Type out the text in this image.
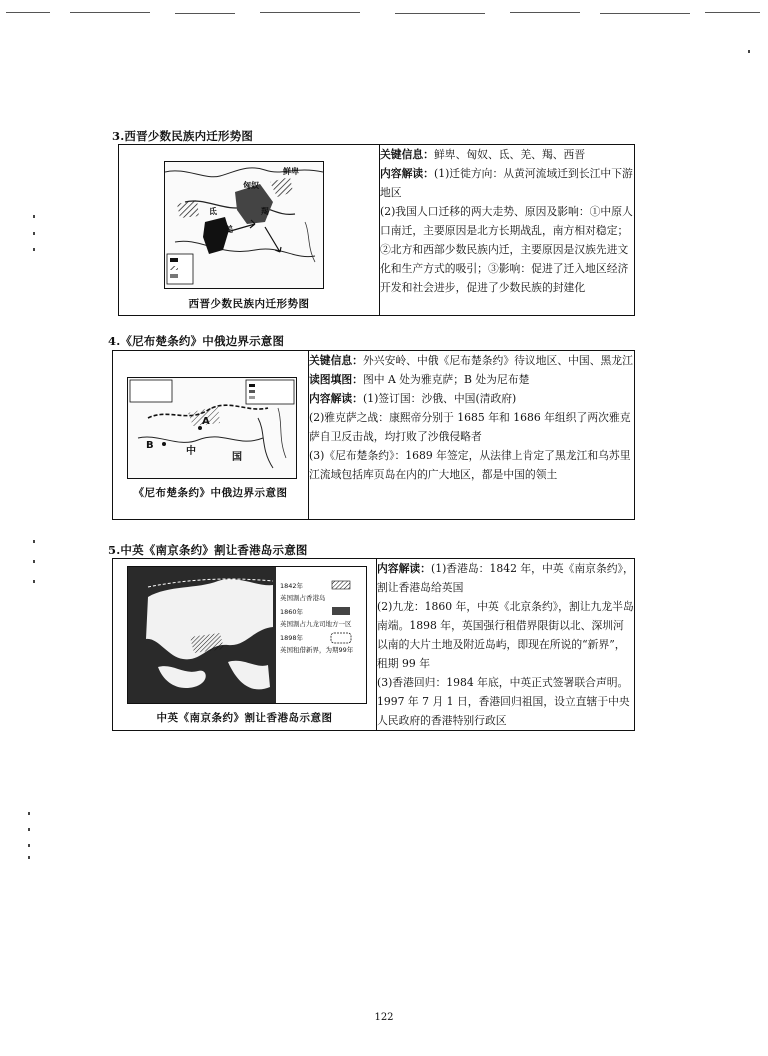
3.西晋少数民族内迁形势图
羌
氐
匈奴
鲜卑
羯
西晋少数民族内迁形势图

关键信息：鲜卑、匈奴、氐、羌、羯、西晋

内容解读：(1)迁徙方向：从黄河流域迁到长江中下游地区

(2)我国人口迁移的两大走势、原因及影响：①中原人口南迁，主要原因是北方长期战乱，南方相对稳定；②北方和西部少数民族内迁，主要原因是汉族先进文化和生产方式的吸引；③影响：促进了迁入地区经济开发和社会进步，促进了少数民族的封建化

4.《尼布楚条约》中俄边界示意图
A
B
中
国
《尼布楚条约》中俄边界示意图

关键信息：外兴安岭、中俄《尼布楚条约》待议地区、中国、黑龙江

读图填图：图中 A 处为雅克萨；B 处为尼布楚

内容解读：(1)签订国：沙俄、中国(清政府)

(2)雅克萨之战：康熙帝分别于 1685 年和 1686 年组织了两次雅克萨自卫反击战，均打败了沙俄侵略者

(3)《尼布楚条约》：1689 年签定，从法律上肯定了黑龙江和乌苏里江流域包括库页岛在内的广大地区，都是中国的领土

5.中英《南京条约》割让香港岛示意图
1842年
英国割占香港岛
1860年
英国割占九龙司地方一区
1898年
英国租借新界，为期99年
中英《南京条约》割让香港岛示意图

内容解读：(1)香港岛：1842 年，中英《南京条约》，割让香港岛给英国

(2)九龙：1860 年，中英《北京条约》，割让九龙半岛南端。1898 年，英国强行租借界限街以北、深圳河以南的大片土地及附近岛屿，即现在所说的“新界”，租期 99 年

(3)香港回归：1984 年底，中英正式签署联合声明。1997 年 7 月 1 日，香港回归祖国，设立直辖于中央人民政府的香港特别行政区

122
